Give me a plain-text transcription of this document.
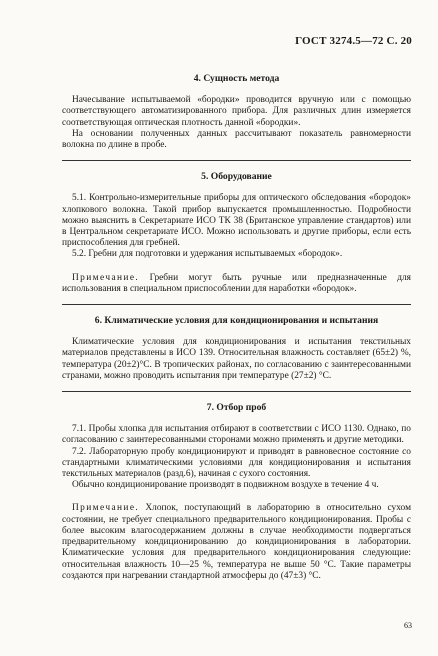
ГОСТ 3274.5—72 С. 20
4. Сущность метода

Начесывание испытываемой «бородки» проводится вручную или с помощью соответствующего автоматизированного прибора. Для различных длин измеряется соответствующая оптическая плотность данной «бородки».

На основании полученных данных рассчитывают показатель равномерности волокна по длине в пробе.

5. Оборудование

5.1. Контрольно-измерительные приборы для оптического обследования «бородок» хлопкового волокна. Такой прибор выпускается промышленностью. Подробности можно выяснить в Секретариате ИСО ТК 38 (Британское управление стандартов) или в Центральном секретариате ИСО. Можно использовать и другие приборы, если есть приспособления для гребней.

5.2. Гребни для подготовки и удержания испытываемых «бородок».

Примечание. Гребни могут быть ручные или предназначенные для использования в специальном приспособлении для наработки «бородок».

6. Климатические условия для кондиционирования и испытания

Климатические условия для кондиционирования и испытания текстильных материалов представлены в ИСО 139. Относительная влажность составляет (65±2) %, температура (20±2)°C. В тропических районах, по согласованию с заинтересованными странами, можно проводить испытания при температуре (27±2) °C.

7. Отбор проб

7.1. Пробы хлопка для испытания отбирают в соответствии с ИСО 1130. Однако, по согласованию с заинтересованными сторонами можно применять и другие методики.

7.2. Лабораторную пробу кондиционируют и приводят в равновесное состояние со стандартными климатическими условиями для кондиционирования и испытания текстильных материалов (разд.6), начиная с сухого состояния.

Обычно кондиционирование производят в подвижном воздухе в течение 4 ч.

Примечание. Хлопок, поступающий в лабораторию в относительно сухом состоянии, не требует специального предварительного кондиционирования. Пробы с более высоким влагосодержанием должны в случае необходимости подвергаться предварительному кондиционированию до кондиционирования в лаборатории. Климатические условия для предварительного кондиционирования следующие: относительная влажность 10—25 %, температура не выше 50 °C. Такие параметры создаются при нагревании стандартной атмосферы до (47±3) °C.

63
